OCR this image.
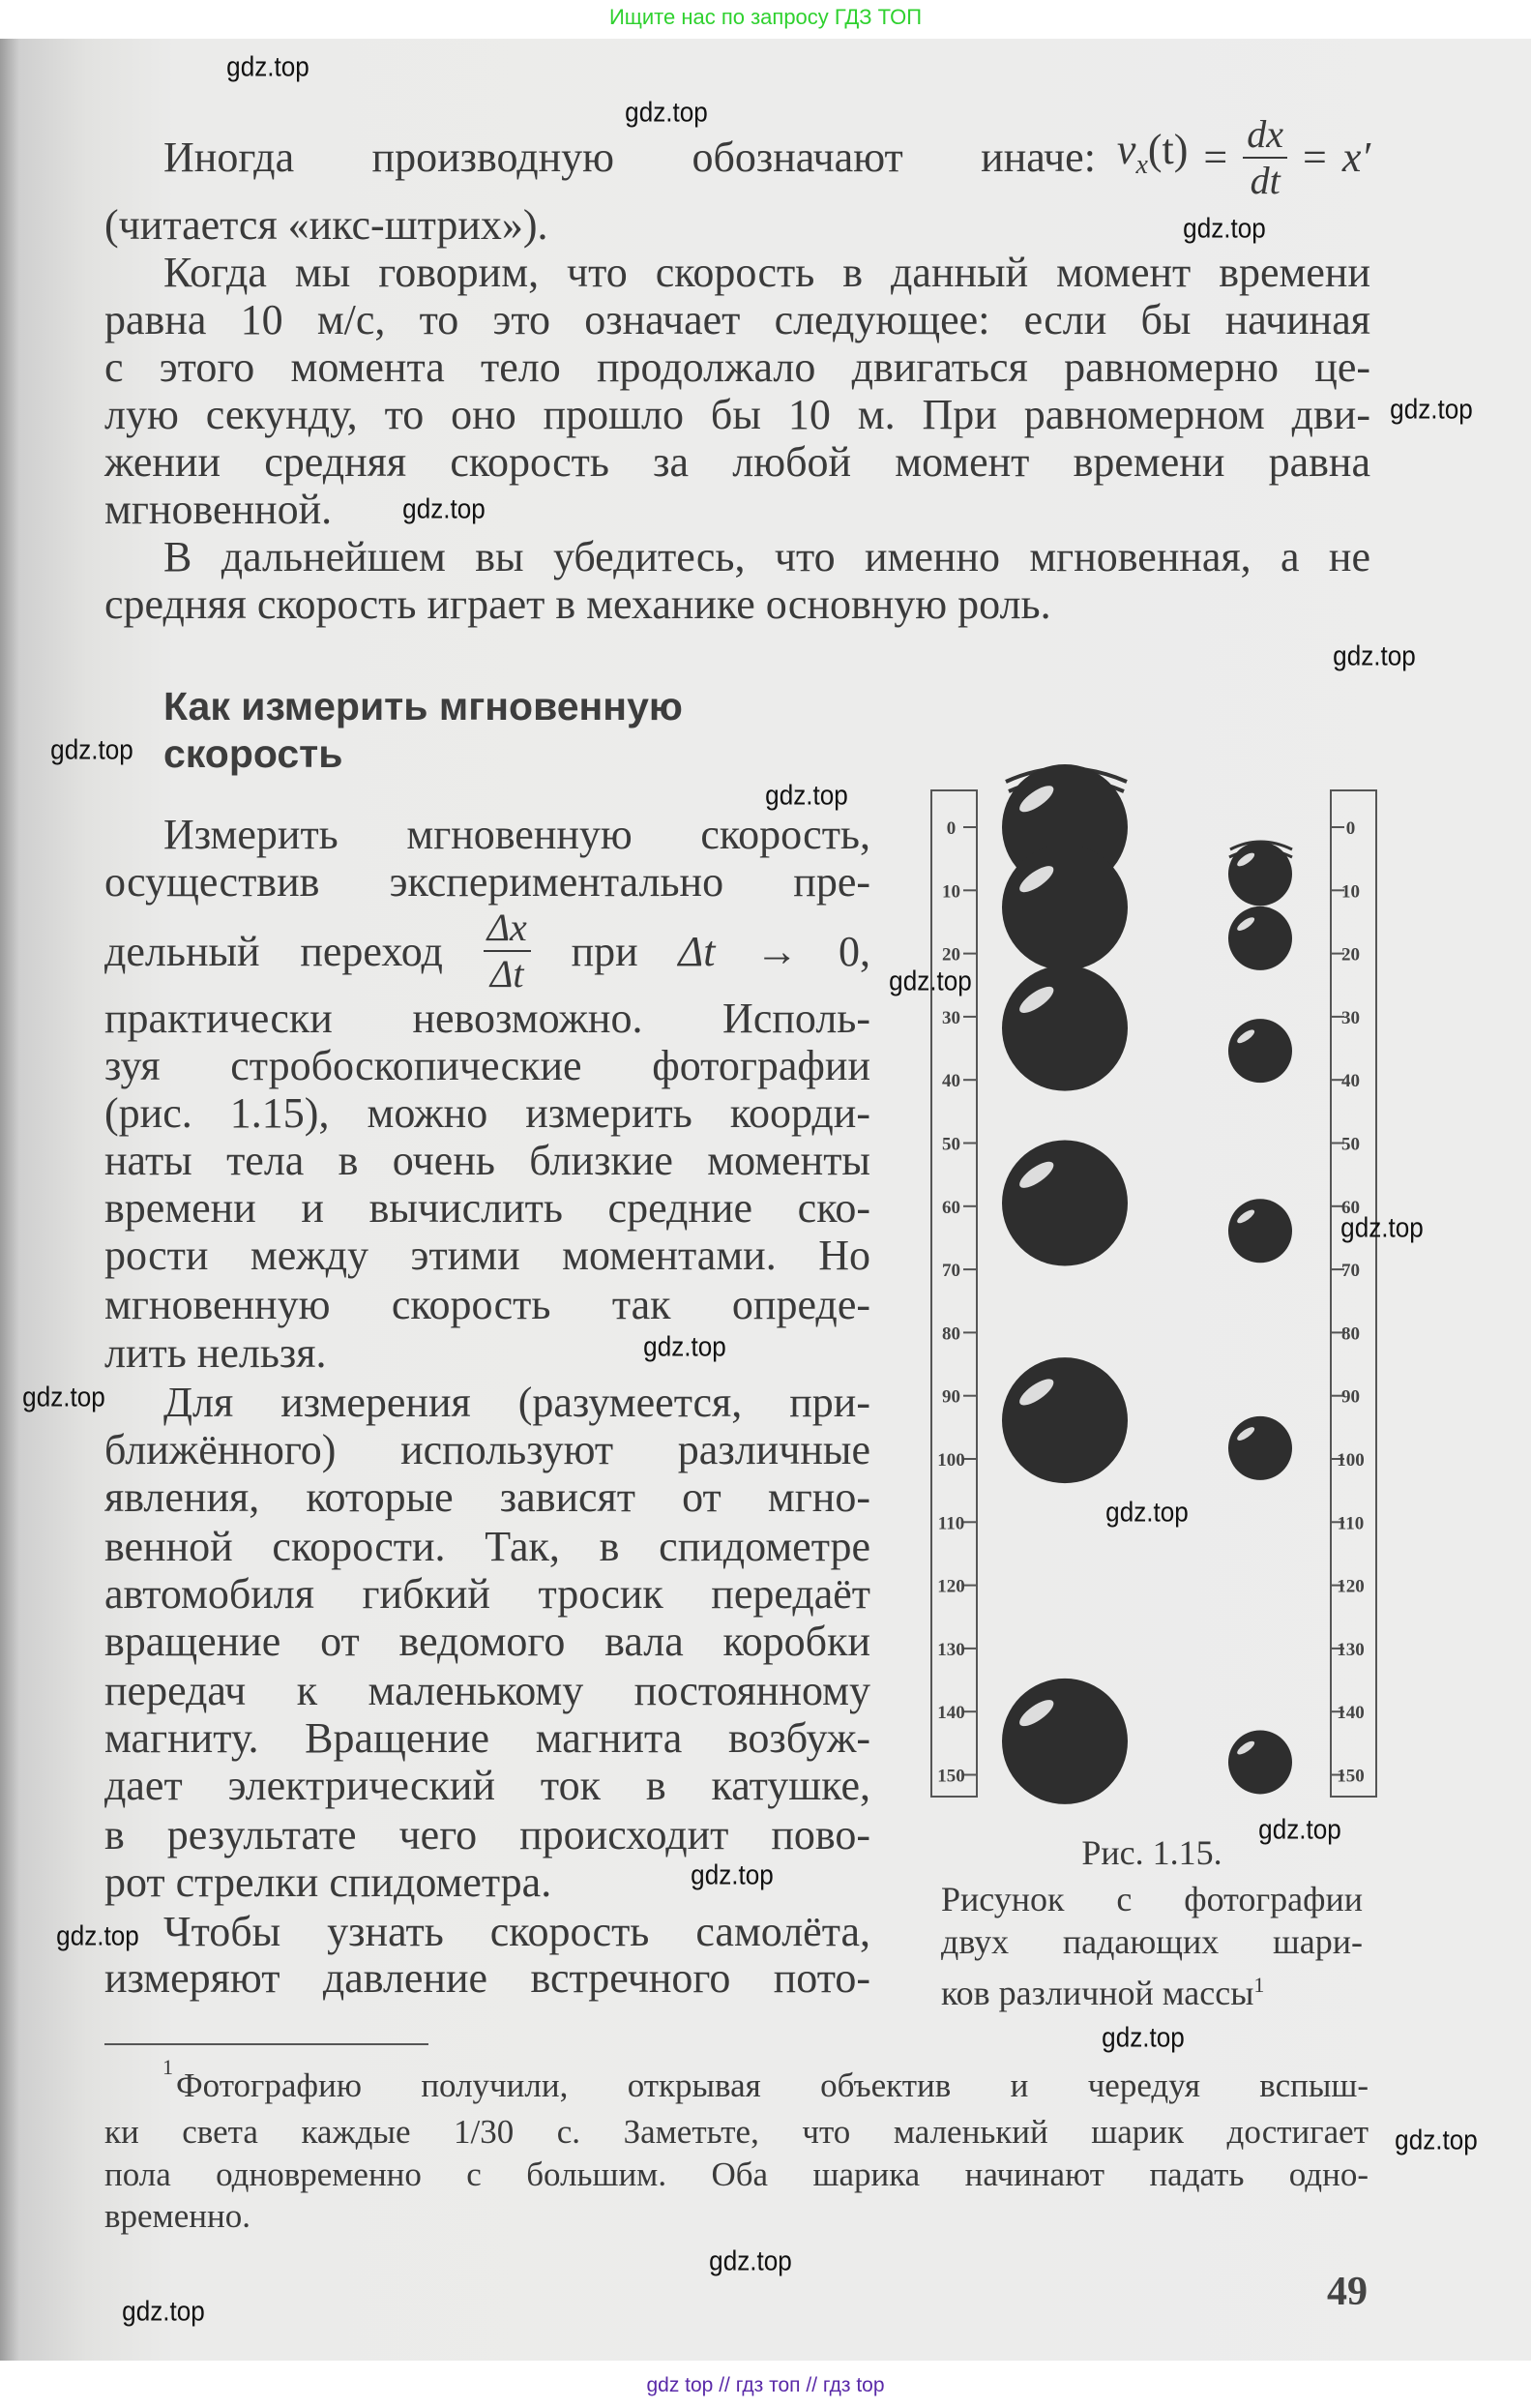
Ищите нас по запросу ГДЗ ТОП
Иногда производную обозначают иначе: $v_x(t) = \frac{dx}{dt} = x'$
(читается «икс-штрих»).
Когда мы говорим, что скорость в данный момент времени
равна 10 м/с, то это означает следующее: если бы начиная
с этого момента тело продолжало двигаться равномерно це-
лую секунду, то оно прошло бы 10 м. При равномерном дви-
жении средняя скорость за любой момент времени равна
мгновенной.
В дальнейшем вы убедитесь, что именно мгновенная, а не
средняя скорость играет в механике основную роль.
Как измерить мгновенную
скорость
Измерить мгновенную скорость,
осуществив экспериментально пре-
практически невозможно. Исполь-
зуя стробоскопические фотографии
(рис. 1.15), можно измерить коорди-
наты тела в очень близкие моменты
времени и вычислить средние ско-
рости между этими моментами. Но
мгновенную скорость так опреде-
лить нельзя.
Для измерения (разумеется, при-
ближённого) используют различные
явления, которые зависят от мгно-
венной скорости. Так, в спидометре
автомобиля гибкий тросик передаёт
вращение от ведомого вала коробки
передач к маленькому постоянному
магниту. Вращение магнита возбуж-
дает электрический ток в катушке,
в результате чего происходит пово-
рот стрелки спидометра.
Чтобы узнать скорость самолёта,
измеряют давление встречного пото-
дельный переход $\frac{\Delta x}{\Delta t}$ при Δt → 0,
0	0
10	10
20	20
30	30
40	40
50	50
60	60
70	70
80	80
90	90
100	100
110	110
120	120
130	130
140	140
150	150
Рис. 1.15.
Рисунок с фотографии
двух падающих шари-
ков различной массы$^1$
1 Фотографию получили, открывая объектив и чередуя вспыш-
ки света каждые 1/30 с. Заметьте, что маленький шарик достигает
пола одновременно с большим. Оба шарика начинают падать одно-
временно.
49
gdz top // гдз топ // гдз top
gdz.top
gdz.top
gdz.top
gdz.top
gdz.top
gdz.top
gdz.top
gdz.top
gdz.top
gdz.top
gdz.top
gdz.top
gdz.top
gdz.top
gdz.top
gdz.top
gdz.top
gdz.top
gdz.top
gdz.top
